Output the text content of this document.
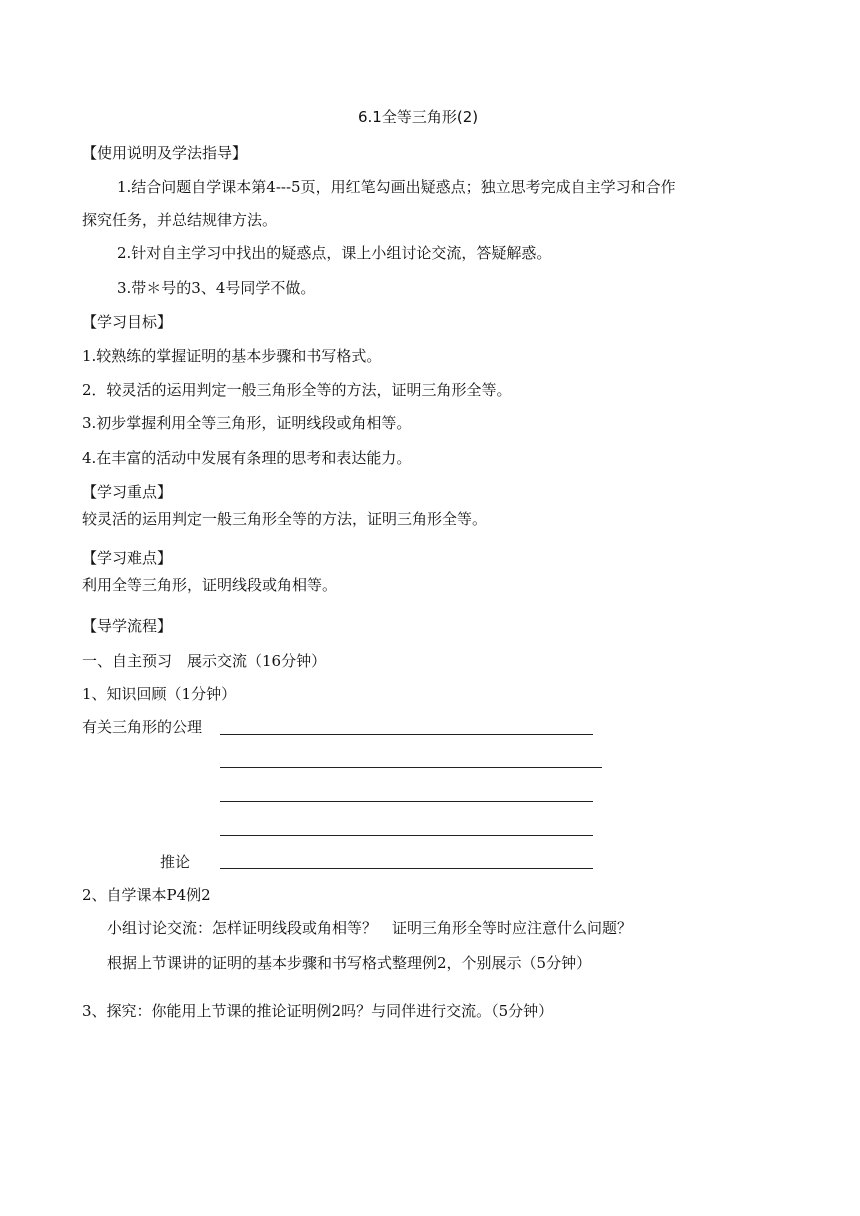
6.1全等三角形(2)
【使用说明及学法指导】
1.结合问题自学课本第4---5页，用红笔勾画出疑惑点；独立思考完成自主学习和合作
探究任务，并总结规律方法。
2.针对自主学习中找出的疑惑点，课上小组讨论交流，答疑解惑。
3.带＊号的3、4号同学不做。
【学习目标】
1.较熟练的掌握证明的基本步骤和书写格式。
2．较灵活的运用判定一般三角形全等的方法，证明三角形全等。
3.初步掌握利用全等三角形，证明线段或角相等。
4.在丰富的活动中发展有条理的思考和表达能力。
【学习重点】
较灵活的运用判定一般三角形全等的方法，证明三角形全等。
【学习难点】
利用全等三角形，证明线段或角相等。
【导学流程】
一、自主预习　展示交流（16分钟）
1、知识回顾（1分钟）
有关三角形的公理
推论
2、自学课本P4例2
小组讨论交流：怎样证明线段或角相等？　证明三角形全等时应注意什么问题？
根据上节课讲的证明的基本步骤和书写格式整理例2，个别展示（5分钟）
3、探究：你能用上节课的推论证明例2吗？与同伴进行交流。（5分钟）
